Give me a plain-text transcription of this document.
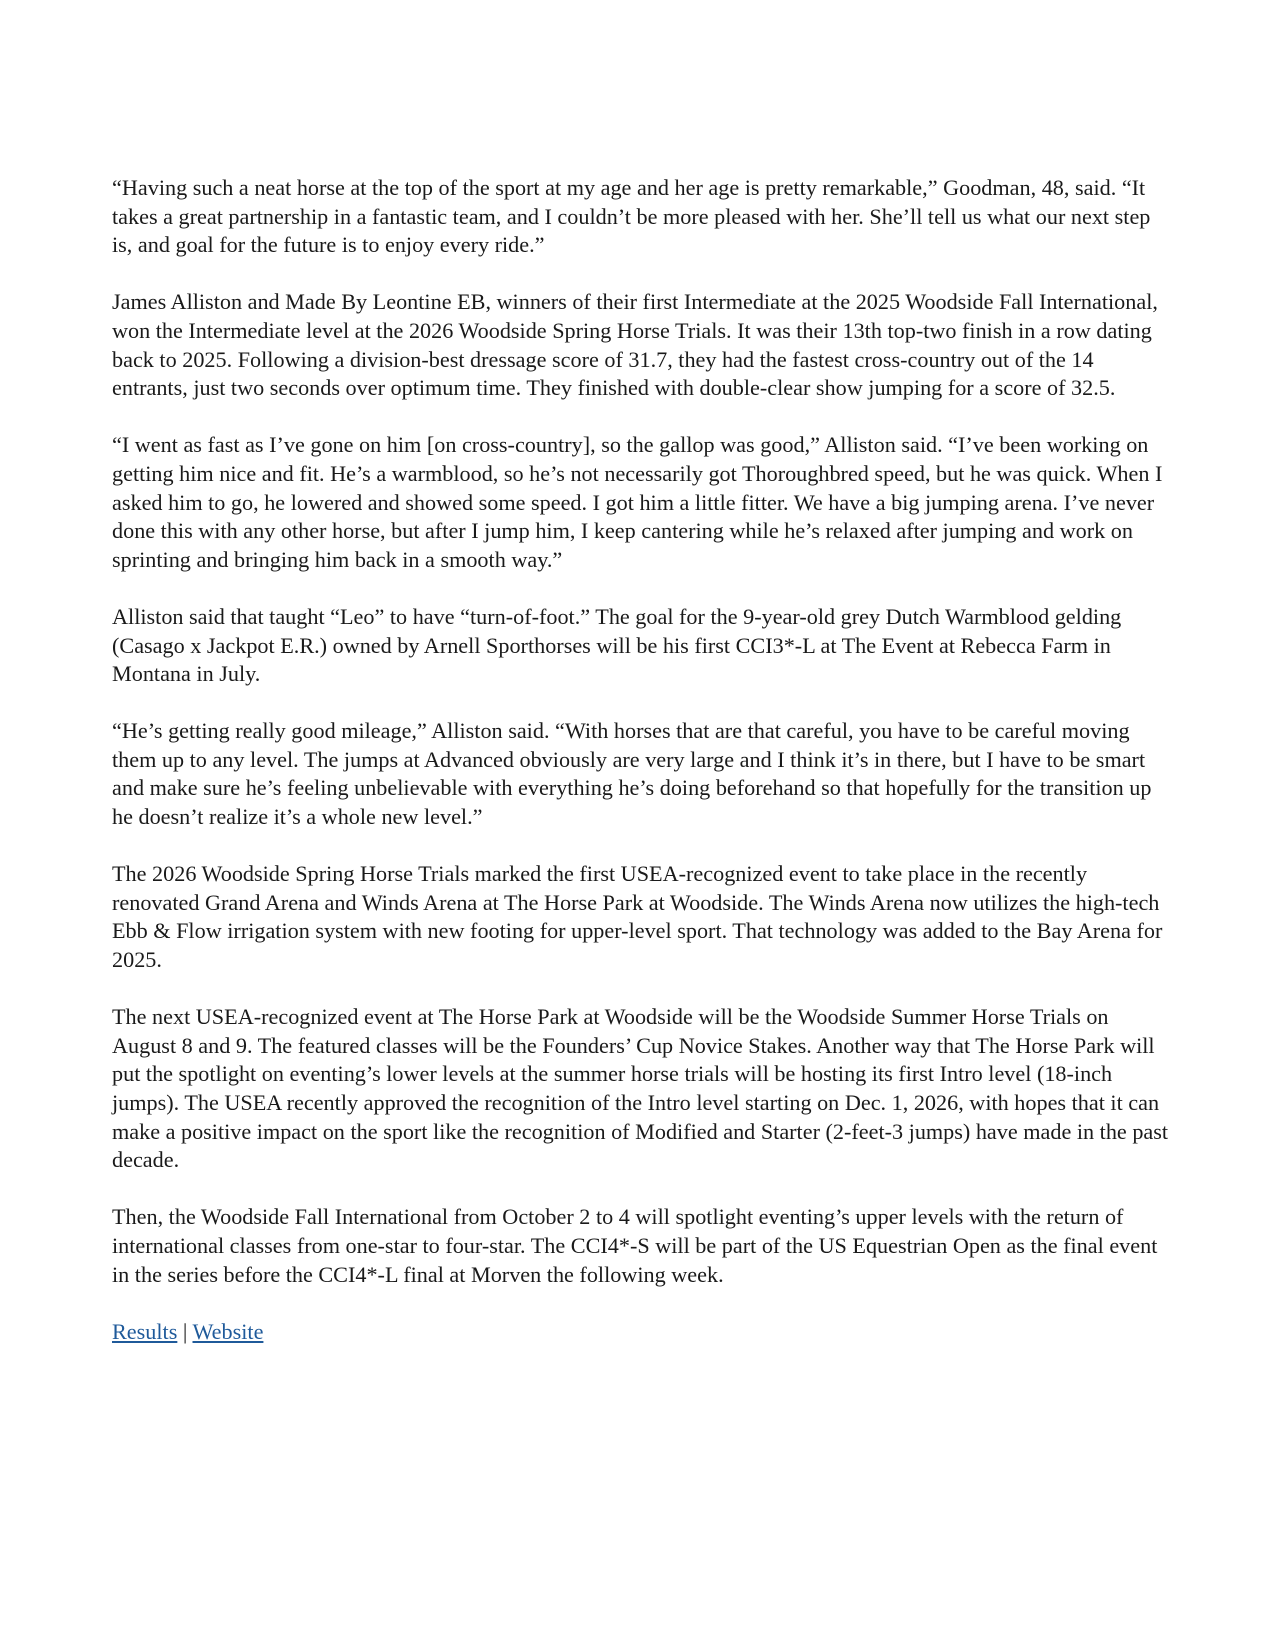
“Having such a neat horse at the top of the sport at my age and her age is pretty remarkable,” Goodman, 48, said. “It takes a great partnership in a fantastic team, and I couldn’t be more pleased with her. She’ll tell us what our next step is, and goal for the future is to enjoy every ride.”

James Alliston and Made By Leontine EB, winners of their first Intermediate at the 2025 Woodside Fall International, won the Intermediate level at the 2026 Woodside Spring Horse Trials. It was their 13th top-two finish in a row dating back to 2025. Following a division-best dressage score of 31.7, they had the fastest cross-country out of the 14 entrants, just two seconds over optimum time. They finished with double-clear show jumping for a score of 32.5.

“I went as fast as I’ve gone on him [on cross-country], so the gallop was good,” Alliston said. “I’ve been working on getting him nice and fit. He’s a warmblood, so he’s not necessarily got Thoroughbred speed, but he was quick. When I asked him to go, he lowered and showed some speed. I got him a little fitter. We have a big jumping arena. I’ve never done this with any other horse, but after I jump him, I keep cantering while he’s relaxed after jumping and work on sprinting and bringing him back in a smooth way.”

Alliston said that taught “Leo” to have “turn-of-foot.” The goal for the 9-year-old grey Dutch Warmblood gelding (Casago x Jackpot E.R.) owned by Arnell Sporthorses will be his first CCI3*-L at The Event at Rebecca Farm in Montana in July.

“He’s getting really good mileage,” Alliston said. “With horses that are that careful, you have to be careful moving them up to any level. The jumps at Advanced obviously are very large and I think it’s in there, but I have to be smart and make sure he’s feeling unbelievable with everything he’s doing beforehand so that hopefully for the transition up he doesn’t realize it’s a whole new level.”

The 2026 Woodside Spring Horse Trials marked the first USEA-recognized event to take place in the recently renovated Grand Arena and Winds Arena at The Horse Park at Woodside. The Winds Arena now utilizes the high-tech Ebb & Flow irrigation system with new footing for upper-level sport. That technology was added to the Bay Arena for 2025.

The next USEA-recognized event at The Horse Park at Woodside will be the Woodside Summer Horse Trials on August 8 and 9. The featured classes will be the Founders’ Cup Novice Stakes. Another way that The Horse Park will put the spotlight on eventing’s lower levels at the summer horse trials will be hosting its first Intro level (18-inch jumps). The USEA recently approved the recognition of the Intro level starting on Dec. 1, 2026, with hopes that it can make a positive impact on the sport like the recognition of Modified and Starter (2-feet-3 jumps) have made in the past decade.

Then, the Woodside Fall International from October 2 to 4 will spotlight eventing’s upper levels with the return of international classes from one-star to four-star. The CCI4*-S will be part of the US Equestrian Open as the final event in the series before the CCI4*-L final at Morven the following week.

Results | Website
